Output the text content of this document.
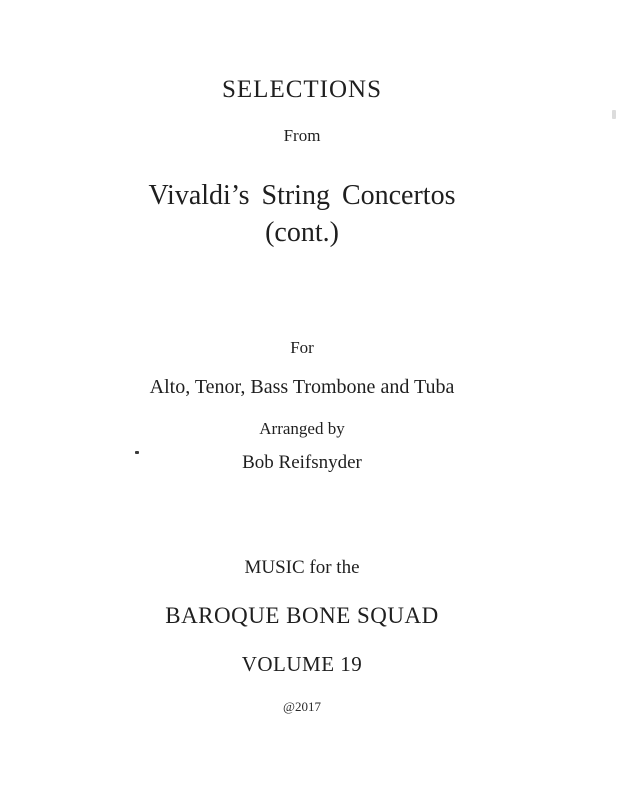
SELECTIONS
From
Vivaldi’s String Concertos
(cont.)
For
Alto, Tenor, Bass Trombone and Tuba
Arranged by
Bob Reifsnyder
MUSIC for the
BAROQUE BONE SQUAD
VOLUME 19
@2017
